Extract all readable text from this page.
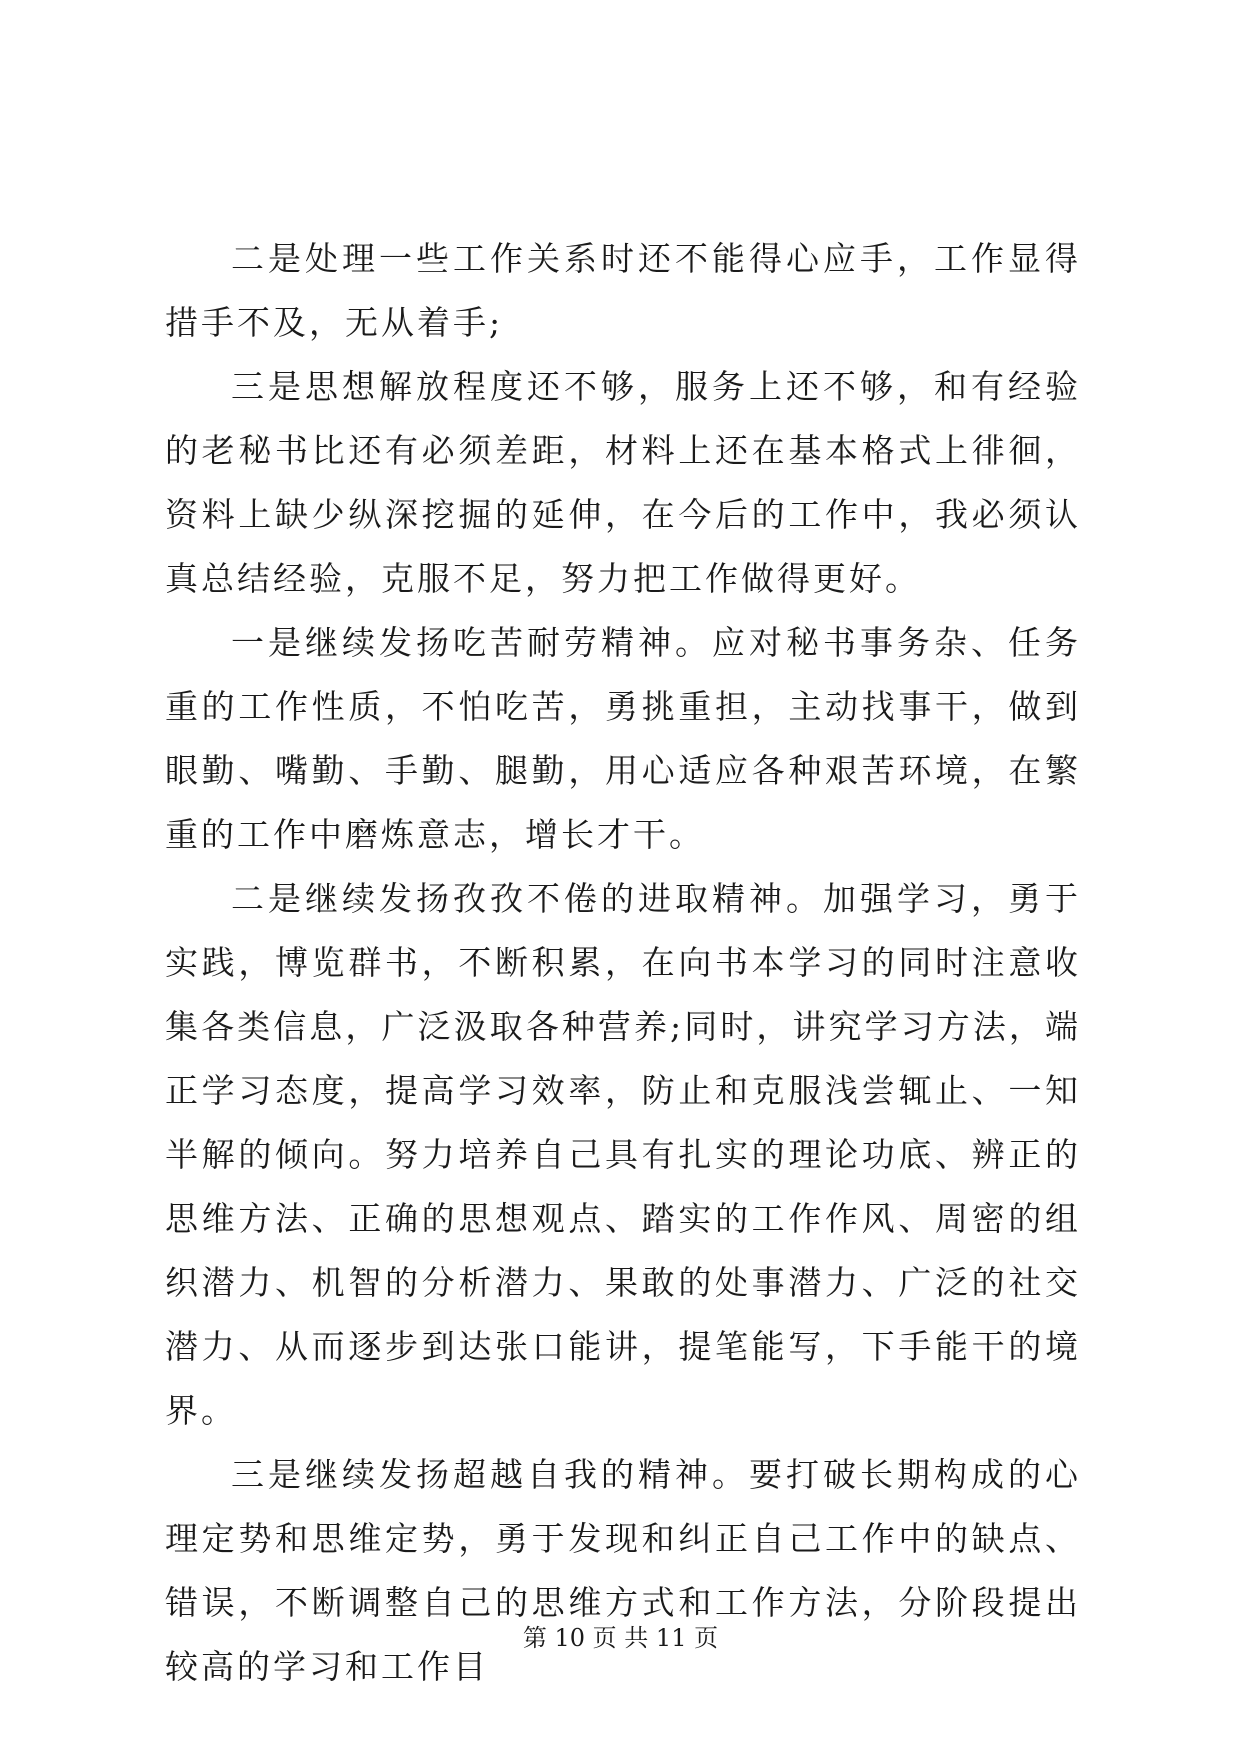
二是处理一些工作关系时还不能得心应手，工作显得措手不及，无从着手;

三是思想解放程度还不够，服务上还不够，和有经验的老秘书比还有必须差距，材料上还在基本格式上徘徊，资料上缺少纵深挖掘的延伸，在今后的工作中，我必须认真总结经验，克服不足，努力把工作做得更好。

一是继续发扬吃苦耐劳精神。应对秘书事务杂、任务重的工作性质，不怕吃苦，勇挑重担，主动找事干，做到眼勤、嘴勤、手勤、腿勤，用心适应各种艰苦环境，在繁重的工作中磨炼意志，增长才干。

二是继续发扬孜孜不倦的进取精神。加强学习，勇于实践，博览群书，不断积累，在向书本学习的同时注意收集各类信息，广泛汲取各种营养;同时，讲究学习方法，端正学习态度，提高学习效率，防止和克服浅尝辄止、一知半解的倾向。努力培养自己具有扎实的理论功底、辨正的思维方法、正确的思想观点、踏实的工作作风、周密的组织潜力、机智的分析潜力、果敢的处事潜力、广泛的社交潜力、从而逐步到达张口能讲，提笔能写，下手能干的境界。

三是继续发扬超越自我的精神。要打破长期构成的心理定势和思维定势，勇于发现和纠正自己工作中的缺点、错误，不断调整自己的思维方式和工作方法，分阶段提出较高的学习和工作目

第 10 页 共 11 页
